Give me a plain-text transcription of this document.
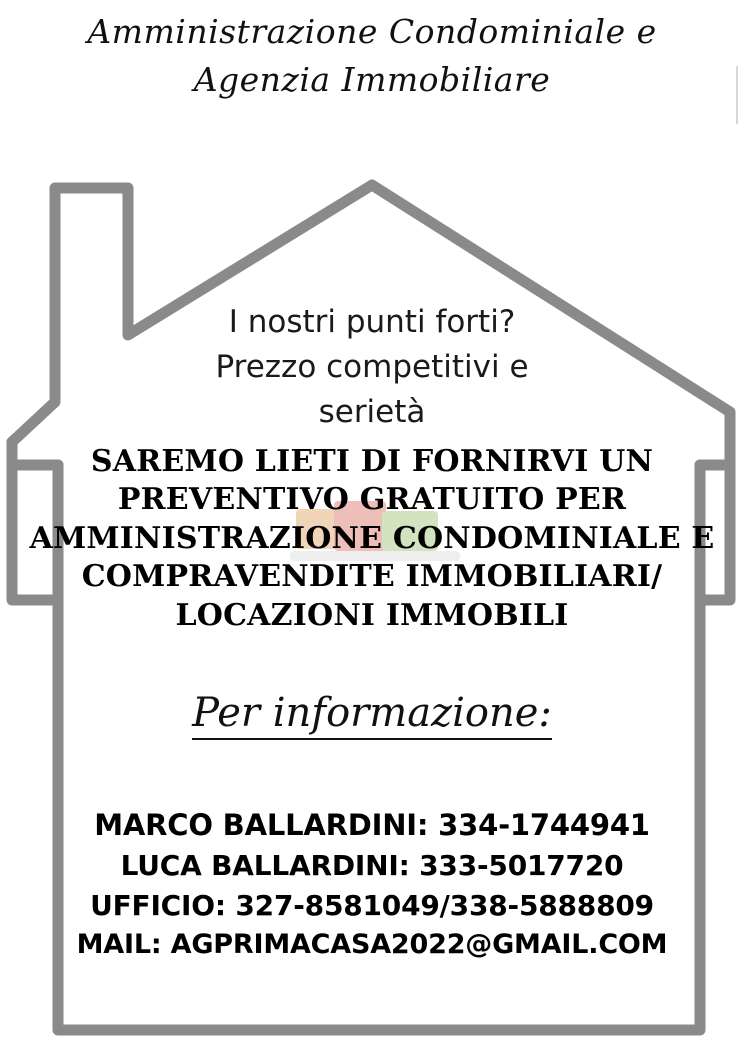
Amministrazione Condominiale e
Agenzia Immobiliare
I nostri punti forti?
Prezzo competitivi e
serietà
SAREMO LIETI DI FORNIRVI UN
PREVENTIVO GRATUITO PER
AMMINISTRAZIONE CONDOMINIALE E
COMPRAVENDITE IMMOBILIARI/
LOCAZIONI IMMOBILI
Per informazione:
MARCO BALLARDINI: 334-1744941
LUCA BALLARDINI: 333-5017720
UFFICIO: 327-8581049/338-5888809
MAIL: AGPRIMACASA2022@GMAIL.COM
